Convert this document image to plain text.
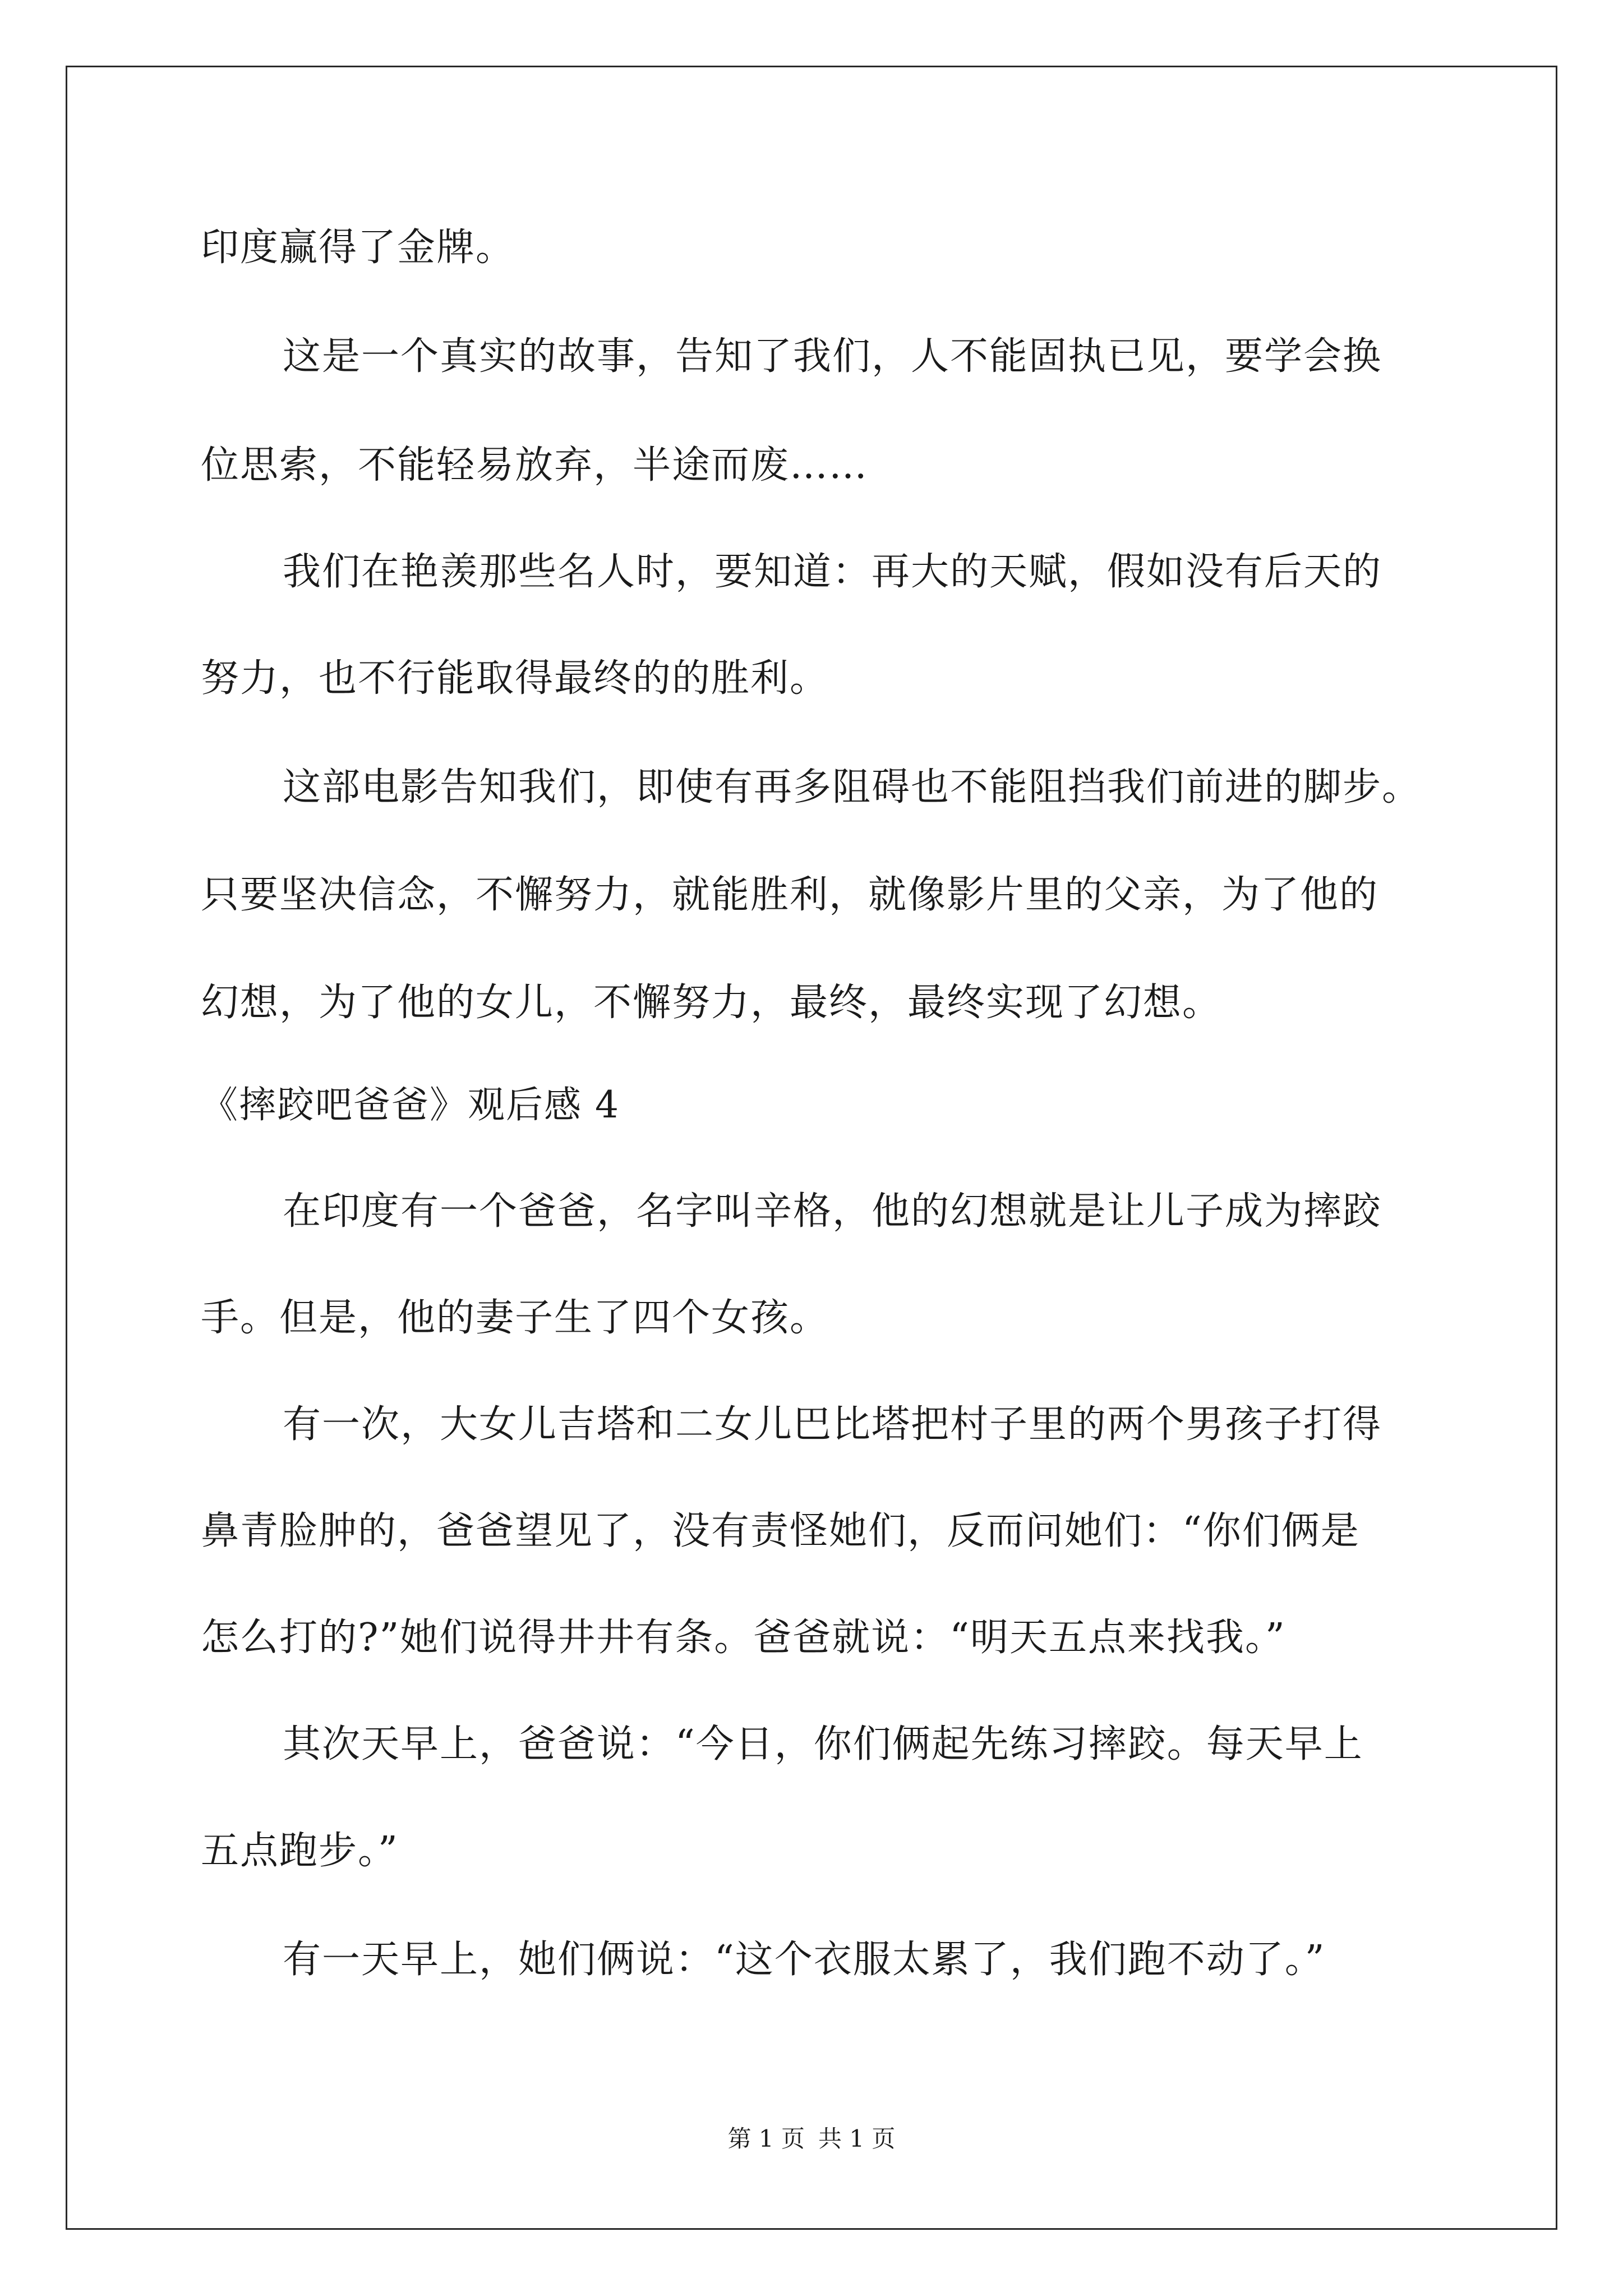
印度赢得了金牌。
这是一个真实的故事，告知了我们，人不能固执已见，要学会换
位思索，不能轻易放弃，半途而废……
我们在艳羡那些名人时，要知道：再大的天赋，假如没有后天的
努力，也不行能取得最终的的胜利。
这部电影告知我们，即使有再多阻碍也不能阻挡我们前进的脚步。
只要坚决信念，不懈努力，就能胜利，就像影片里的父亲，为了他的
幻想，为了他的女儿，不懈努力，最终，最终实现了幻想。
《摔跤吧爸爸》观后感 4
在印度有一个爸爸，名字叫辛格，他的幻想就是让儿子成为摔跤
手。但是，他的妻子生了四个女孩。
有一次，大女儿吉塔和二女儿巴比塔把村子里的两个男孩子打得
鼻青脸肿的，爸爸望见了，没有责怪她们，反而问她们：“你们俩是
怎么打的?”她们说得井井有条。爸爸就说：“明天五点来找我。”
其次天早上，爸爸说：“今日，你们俩起先练习摔跤。每天早上
五点跑步。”
有一天早上，她们俩说：“这个衣服太累了，我们跑不动了。”
第 1 页 共 1 页
